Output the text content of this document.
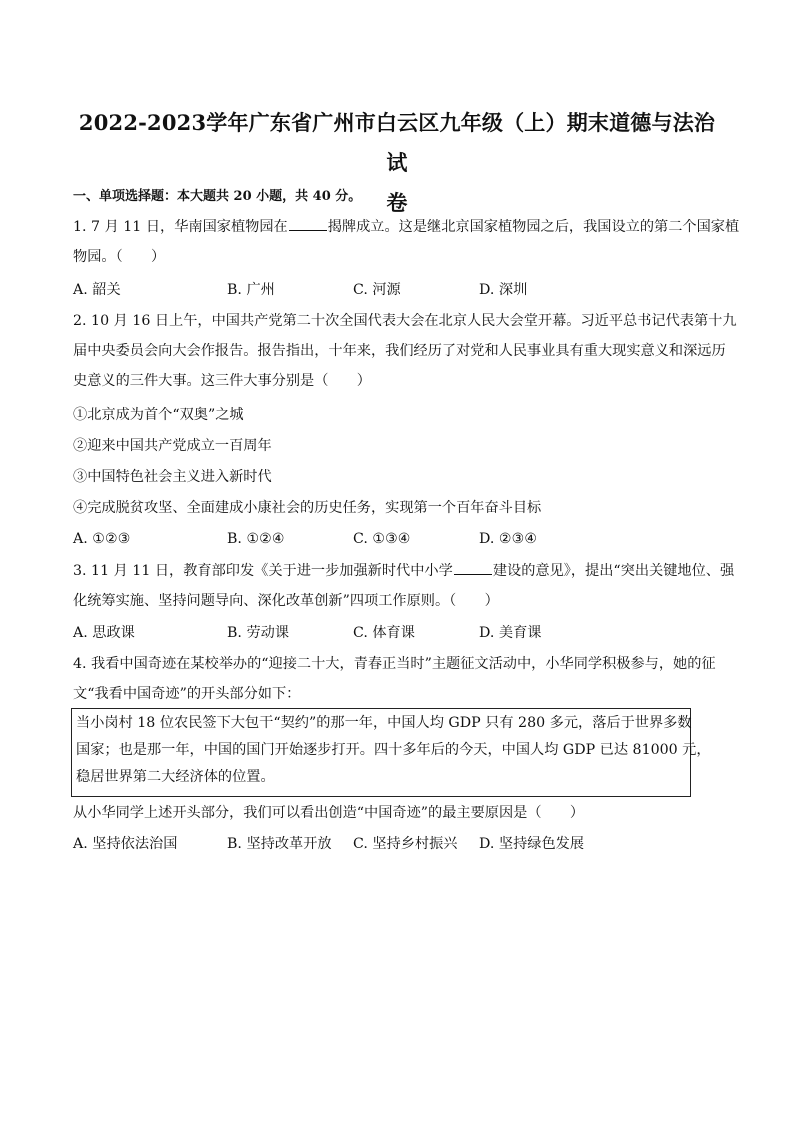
2022-2023学年广东省广州市白云区九年级（上）期末道德与法治试
卷
一、单项选择题：本大题共 20 小题，共 40 分。
1. 7 月 11 日，华南国家植物园在	揭牌成立。这是继北京国家植物园之后，我国设立的第二个国家植
物园。（　　）
A. 韶关	B. 广州	C. 河源	D. 深圳
2. 10 月 16 日上午，中国共产党第二十次全国代表大会在北京人民大会堂开幕。习近平总书记代表第十九
届中央委员会向大会作报告。报告指出，十年来，我们经历了对党和人民事业具有重大现实意义和深远历
史意义的三件大事。这三件大事分别是（　　）
①北京成为首个“双奥”之城
②迎来中国共产党成立一百周年
③中国特色社会主义进入新时代
④完成脱贫攻坚、全面建成小康社会的历史任务，实现第一个百年奋斗目标
A. ①②③	B. ①②④	C. ①③④	D. ②③④
3. 11 月 11 日，教育部印发《关于进一步加强新时代中小学	建设的意见》，提出“突出关键地位、强
化统筹实施、坚持问题导向、深化改革创新”四项工作原则。（　　）
A. 思政课	B. 劳动课	C. 体育课	D. 美育课
4. 我看中国奇迹在某校举办的“迎接二十大，青春正当时”主题征文活动中，小华同学积极参与，她的征
文“我看中国奇迹”的开头部分如下：
当小岗村 18 位农民签下大包干“契约”的那一年，中国人均 GDP 只有 280 多元，落后于世界多数
国家；也是那一年，中国的国门开始逐步打开。四十多年后的今天，中国人均 GDP 已达 81000 元，
稳居世界第二大经济体的位置。
从小华同学上述开头部分，我们可以看出创造“中国奇迹”的最主要原因是（　　）
A. 坚持依法治国	B. 坚持改革开放 C. 坚持乡村振兴 D. 坚持绿色发展
